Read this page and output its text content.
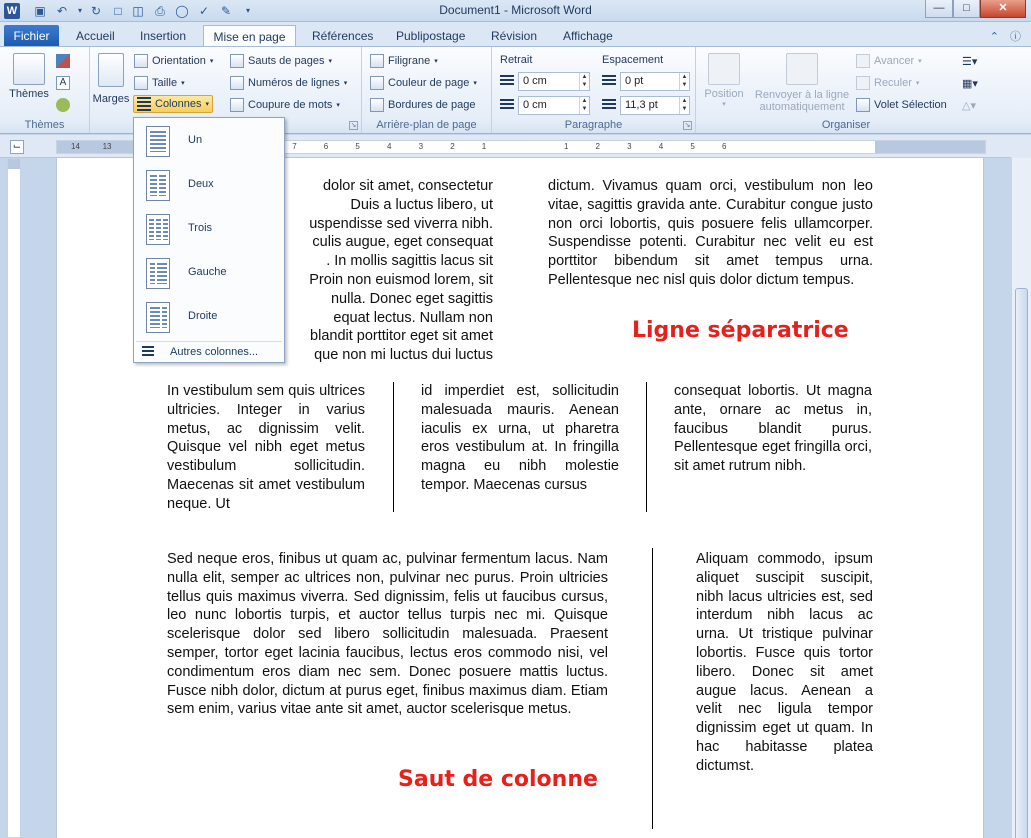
W ▣ ↶	▾ ↻	□ ◫ ⎙ ◯ ✓ ✎	▾	Document1 - Microsoft Word	—	□	✕
Fichier	Accueil	Insertion	Mise en page	Références	Publipostage	Révision	Affichage	⌃ ⓘ
Thèmes
A
Thèmes
Marges
Orientation ▾
Taille ▾
Colonnes ▾
Sauts de pages ▾
Numéros de lignes ▾
Coupure de mots ▾
↘
Filigrane ▾
Couleur de page ▾
Bordures de page
Arrière-plan de page
Retrait	Espacement
0 cm	▲
▼
0 cm	▲
▼
0 pt	▲
▼
11,3 pt	▲
▼
Paragraphe	↘
Position
▾
Renvoyer à la ligne automatiquement
Avancer ▾
Reculer ▾
Volet Sélection
☰▾
▦▾
△▾
Organiser
⌙	14	13	7	6	5	4	3	2	1	1	2	3	4	5	6
dolor sit amet, consectetur
Duis a luctus libero, ut
uspendisse sed viverra nibh.
culis augue, eget consequat
. In mollis sagittis lacus sit
Proin non euismod lorem, sit
nulla. Donec eget sagittis
equat lectus. Nullam non
blandit porttitor eget sit amet
que non mi luctus dui luctus
dictum. Vivamus quam orci, vestibulum non leo vitae, sagittis gravida ante. Curabitur congue justo non orci lobortis, quis posuere felis ullamcorper. Suspendisse potenti. Curabitur nec velit eu est porttitor bibendum sit amet tempus urna. Pellentesque nec nisl quis dolor dictum tempus.
Ligne séparatrice
In vestibulum sem quis ultrices ultricies. Integer in varius metus, ac dignissim velit. Quisque vel nibh eget metus vestibulum sollicitudin. Maecenas sit amet vestibulum neque. Ut
id imperdiet est, sollicitudin malesuada mauris. Aenean iaculis ex urna, ut pharetra eros vestibulum at. In fringilla magna eu nibh molestie tempor. Maecenas cursus
consequat lobortis. Ut magna ante, ornare ac metus in, faucibus blandit purus. Pellentesque eget fringilla orci, sit amet rutrum nibh.
Sed neque eros, finibus ut quam ac, pulvinar fermentum lacus. Nam nulla elit, semper ac ultrices non, pulvinar nec purus. Proin ultricies tellus quis maximus viverra. Sed dignissim, felis ut faucibus cursus, leo nunc lobortis turpis, et auctor tellus turpis nec mi. Quisque scelerisque dolor sed libero sollicitudin malesuada. Praesent semper, tortor eget lacinia faucibus, lectus eros commodo nisi, vel condimentum eros diam nec sem. Donec posuere mattis luctus. Fusce nibh dolor, dictum at purus eget, finibus maximus diam. Etiam sem enim, varius vitae ante sit amet, auctor scelerisque metus.
Saut de colonne
Aliquam commodo, ipsum aliquet suscipit suscipit, nibh lacus ultricies est, sed interdum nibh lacus ac urna. Ut tristique pulvinar lobortis. Fusce quis tortor libero. Donec sit amet augue lacus. Aenean a velit nec ligula tempor dignissim eget ut quam. In hac habitasse platea dictumst.
Un
Deux
Trois
Gauche
Droite
Autres colonnes...
